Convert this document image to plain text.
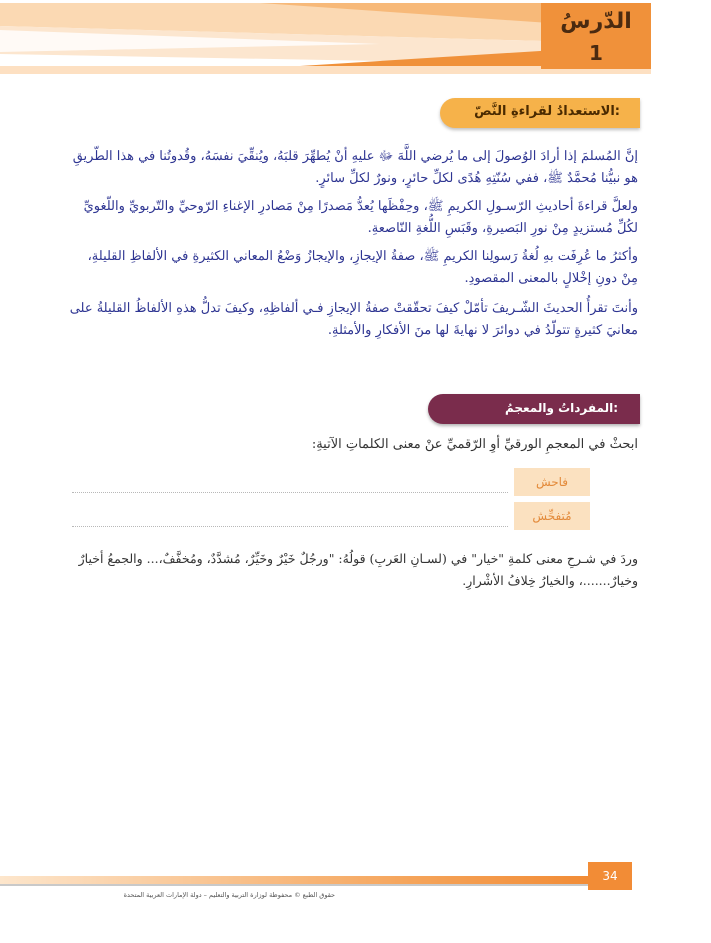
الدّرسُ
1
الاستعدادُ لقراءةِ النَّصّ:

إنَّ المُسلمَ إذا أرادَ الوُصولَ إلى ما يُرضي اللَّهَ ﷻ عليهِ أنْ يُطهِّرَ قلبَهُ، ويُنقِّيَ نفسَهُ، وقُدوتُنا في هذا الطّريقِ هو نبيُّنا مُحمَّدٌ ﷺ، ففي سُنّتِهِ هُدًى لكلِّ حائرٍ، ونورٌ لكلِّ سائرٍ.

ولعلَّ قراءةَ أحاديثِ الرّسـولِ الكريمِ ﷺ، وحِفْظَها يُعدُّ مَصدرًا مِنْ مَصادرِ الإغناءِ الرّوحيِّ والتّربويِّ واللّغويِّ لكُلِّ مُستزيدٍ مِنْ نورِ البَصيرةِ، وقَبَسِ اللُّغةِ النّاصعةِ.

وأكثرُ ما عُرِفَت بهِ لُغةُ رَسولِنا الكريمِ ﷺ، صفةُ الإيجازِ، والإيجازُ وَضْعُ المعاني الكثيرةِ في الألفاظِ القليلةِ، مِنْ دونِ إخْلالٍ بالمعنى المقصودِ.

وأنتَ تقرأُ الحديثَ الشّـريفَ تأمّلْ كيفَ تحقّقتْ صفةُ الإيجازِ فـي ألفاظِهِ، وكيفَ تدلُّ هذهِ الألفاظُ القليلةُ على معانيَ كثيرةٍ تتولّدُ في دوائرَ لا نهايةَ لها منَ الأفكارِ والأمثلةِ.

المفرداتُ والمعجمُ:
ابحثْ في المعجمِ الورقيِّ أوِ الرّقميِّ عنْ معنى الكلماتِ الآتيةِ:
فاحش
مُتفحِّش

وردَ في شـرحِ معنى كلمةِ "خيار" في (لسـانِ العَربِ) قولُهُ: "ورجُلٌ خَيْرٌ وخَيِّرٌ، مُشدَّدٌ، ومُخفَّفٌ،... والجمعُ أخيارٌ وخيارٌ.......، والخيارُ خِلافُ الأشْرارِ.

34
حقوق الطبع © محفوظة لوزارة التربية والتعليم – دولة الإمارات العربية المتحدة
